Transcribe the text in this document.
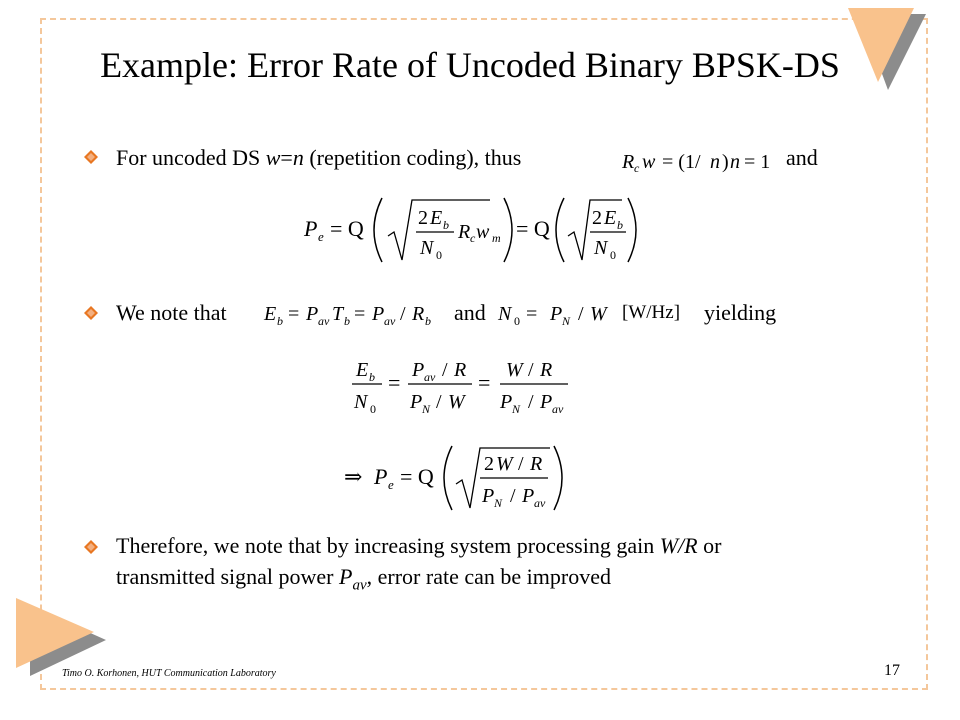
Example: Error Rate of Uncoded Binary BPSK-DS
For uncoded DS w=n (repetition coding), thus	R c w = (1/ n ) n = 1 and
P e = Q	2 E b
N 0
R c w m = Q 2 E b
N 0
We note that E b = P av T b = P av / R b and N 0 = P N / W [W/Hz] yielding
E b
N 0
= P av / R
P N / W
= W / R
P N / P av
⇒ P e = Q	2 W / R
P N / P av
Therefore, we note that by increasing system processing gain W/R or
transmitted signal power $P_{av}$, error rate can be improved
Timo O. Korhonen, HUT Communication Laboratory	17
